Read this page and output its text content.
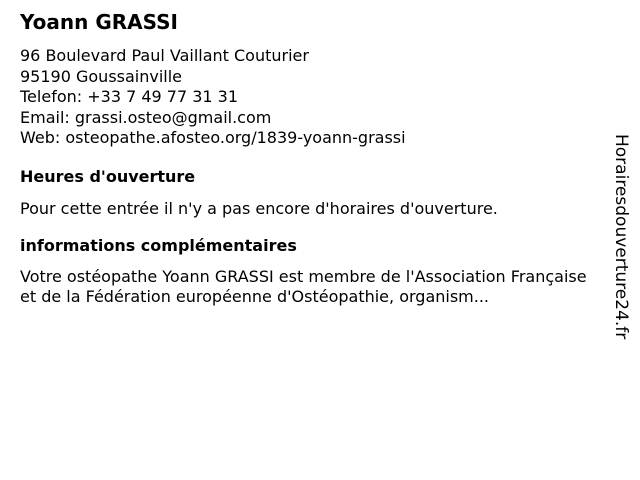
Yoann GRASSI
96 Boulevard Paul Vaillant Couturier
95190 Goussainville
Telefon: +33 7 49 77 31 31
Email: grassi.osteo@gmail.com
Web: osteopathe.afosteo.org/1839-yoann-grassi
Heures d'ouverture
Pour cette entrée il n'y a pas encore d'horaires d'ouverture.
informations complémentaires
Votre ostéopathe Yoann GRASSI est membre de l'Association Française et de la Fédération européenne d'Ostéopathie, organism...	Horairesdouverture24.fr
